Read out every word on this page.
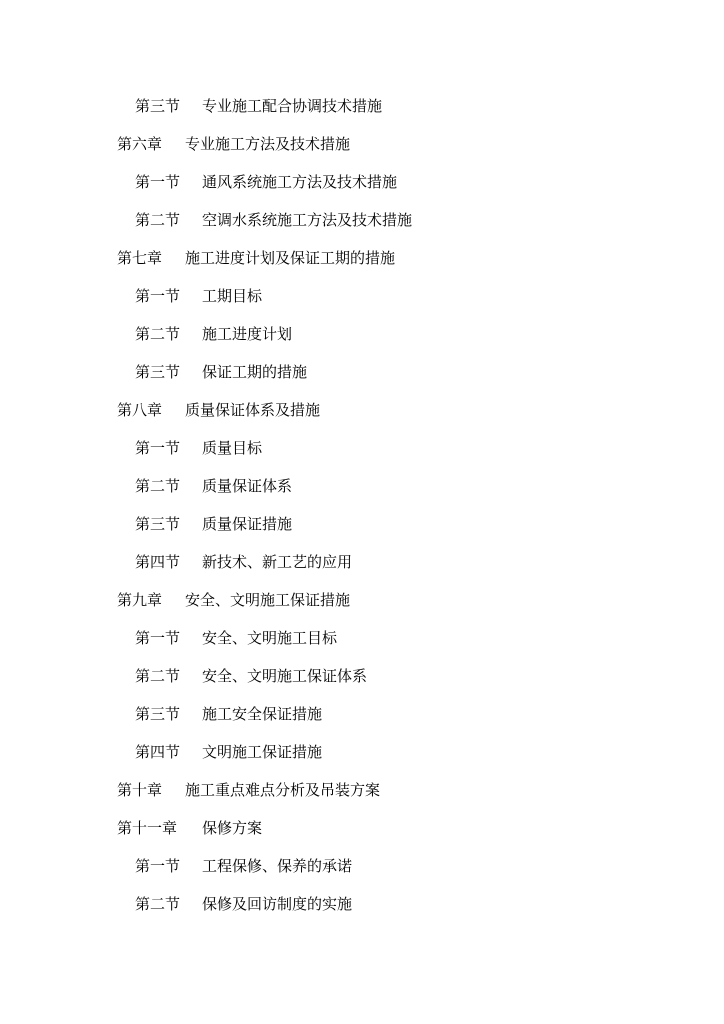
第三节	专业施工配合协调技术措施
第六章	专业施工方法及技术措施
第一节	通风系统施工方法及技术措施
第二节	空调水系统施工方法及技术措施
第七章	施工进度计划及保证工期的措施
第一节	工期目标
第二节	施工进度计划
第三节	保证工期的措施
第八章	质量保证体系及措施
第一节	质量目标
第二节	质量保证体系
第三节	质量保证措施
第四节	新技术、新工艺的应用
第九章	安全、文明施工保证措施
第一节	安全、文明施工目标
第二节	安全、文明施工保证体系
第三节	施工安全保证措施
第四节	文明施工保证措施
第十章	施工重点难点分析及吊装方案
第十一章	保修方案
第一节	工程保修、保养的承诺
第二节	保修及回访制度的实施
